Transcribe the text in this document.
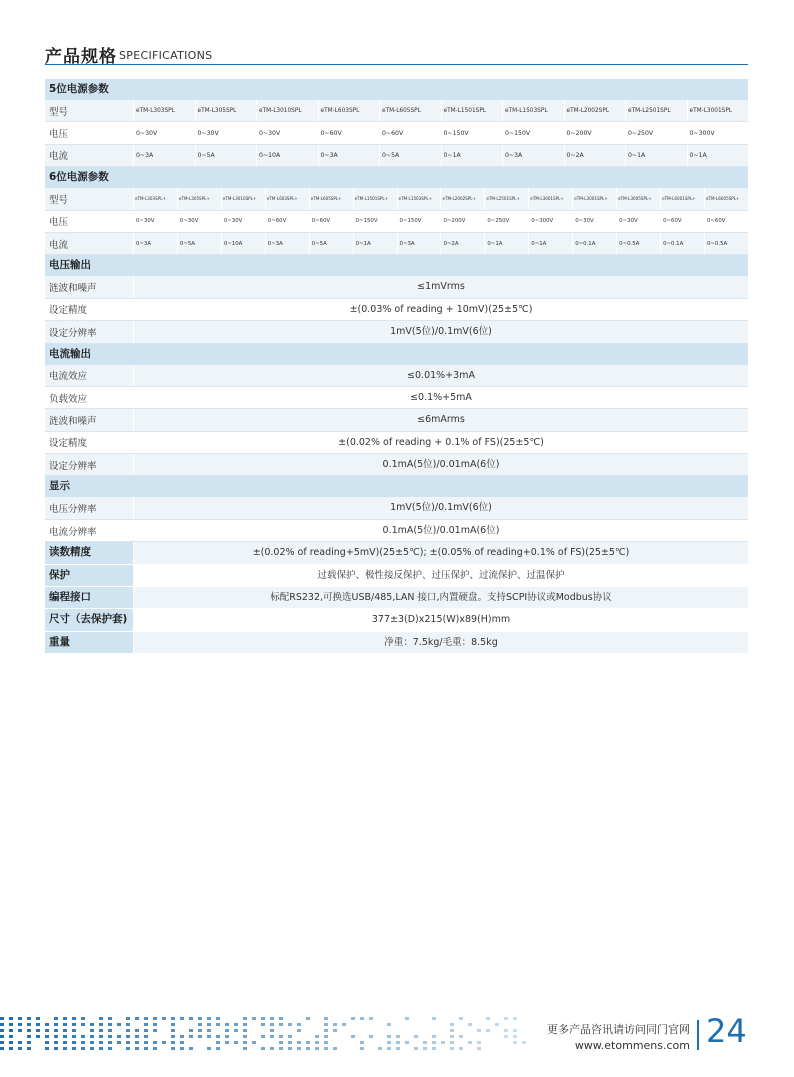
产品规格 SPECIFICATIONS
5位电源参数
型号	eTM-L303SPL	eTM-L305SPL	eTM-L3010SPL	eTM-L603SPL	eTM-L605SPL	eTM-L1501SPL	eTM-L1503SPL	eTM-L2002SPL	eTM-L2501SPL	eTM-L3001SPL
电压	0~30V	0~30V	0~30V	0~60V	0~60V	0~150V	0~150V	0~200V	0~250V	0~300V
电流	0~3A	0~5A	0~10A	0~3A	0~5A	0~1A	0~3A	0~2A	0~1A	0~1A
6位电源参数
型号	eTM-L303SPL+	eTM-L305SPL+	eTM-L3010SPL+	eTM-L603SPL+	eTM-L605SPL+	eTM-L1501SPL+	eTM-L1503SPL+	eTM-L2002SPL+	eTM-L2501SPL+	eTM-L3001SPL+	eTM-L3001SPL+	eTM-L3005SPL+	eTM-L6001SPL+	eTM-L6005SPL+
电压	0~30V	0~30V	0~30V	0~60V	0~60V	0~150V	0~150V	0~200V	0~250V	0~300V	0~30V	0~30V	0~60V	0~60V
电流	0~3A	0~5A	0~10A	0~3A	0~5A	0~1A	0~3A	0~2A	0~1A	0~1A	0~0.1A	0~0.5A	0~0.1A	0~0.5A
电压输出
涟波和噪声	≤1mVrms
设定精度	±(0.03% of reading + 10mV)(25±5℃)
设定分辨率	1mV(5位)/0.1mV(6位)
电流输出
电流效应	≤0.01%+3mA
负载效应	≤0.1%+5mA
涟波和噪声	≤6mArms
设定精度	±(0.02% of reading + 0.1% of FS)(25±5℃)
设定分辨率	0.1mA(5位)/0.01mA(6位)
显示
电压分辨率	1mV(5位)/0.1mV(6位)
电流分辨率	0.1mA(5位)/0.01mA(6位)
读数精度	±(0.02% of reading+5mV)(25±5℃); ±(0.05% of reading+0.1% of FS)(25±5℃)
保护	过载保护、极性接反保护、过压保护、过流保护、过温保护
编程接口	标配RS232,可换选USB/485,LAN 接口,内置硬盘。支持SCPI协议或Modbus协议
尺寸（去保护套)	377±3(D)x215(W)x89(H)mm
重量	净重：7.5kg/毛重：8.5kg
更多产品咨讯请访问同门官网
www.etommens.com 24
